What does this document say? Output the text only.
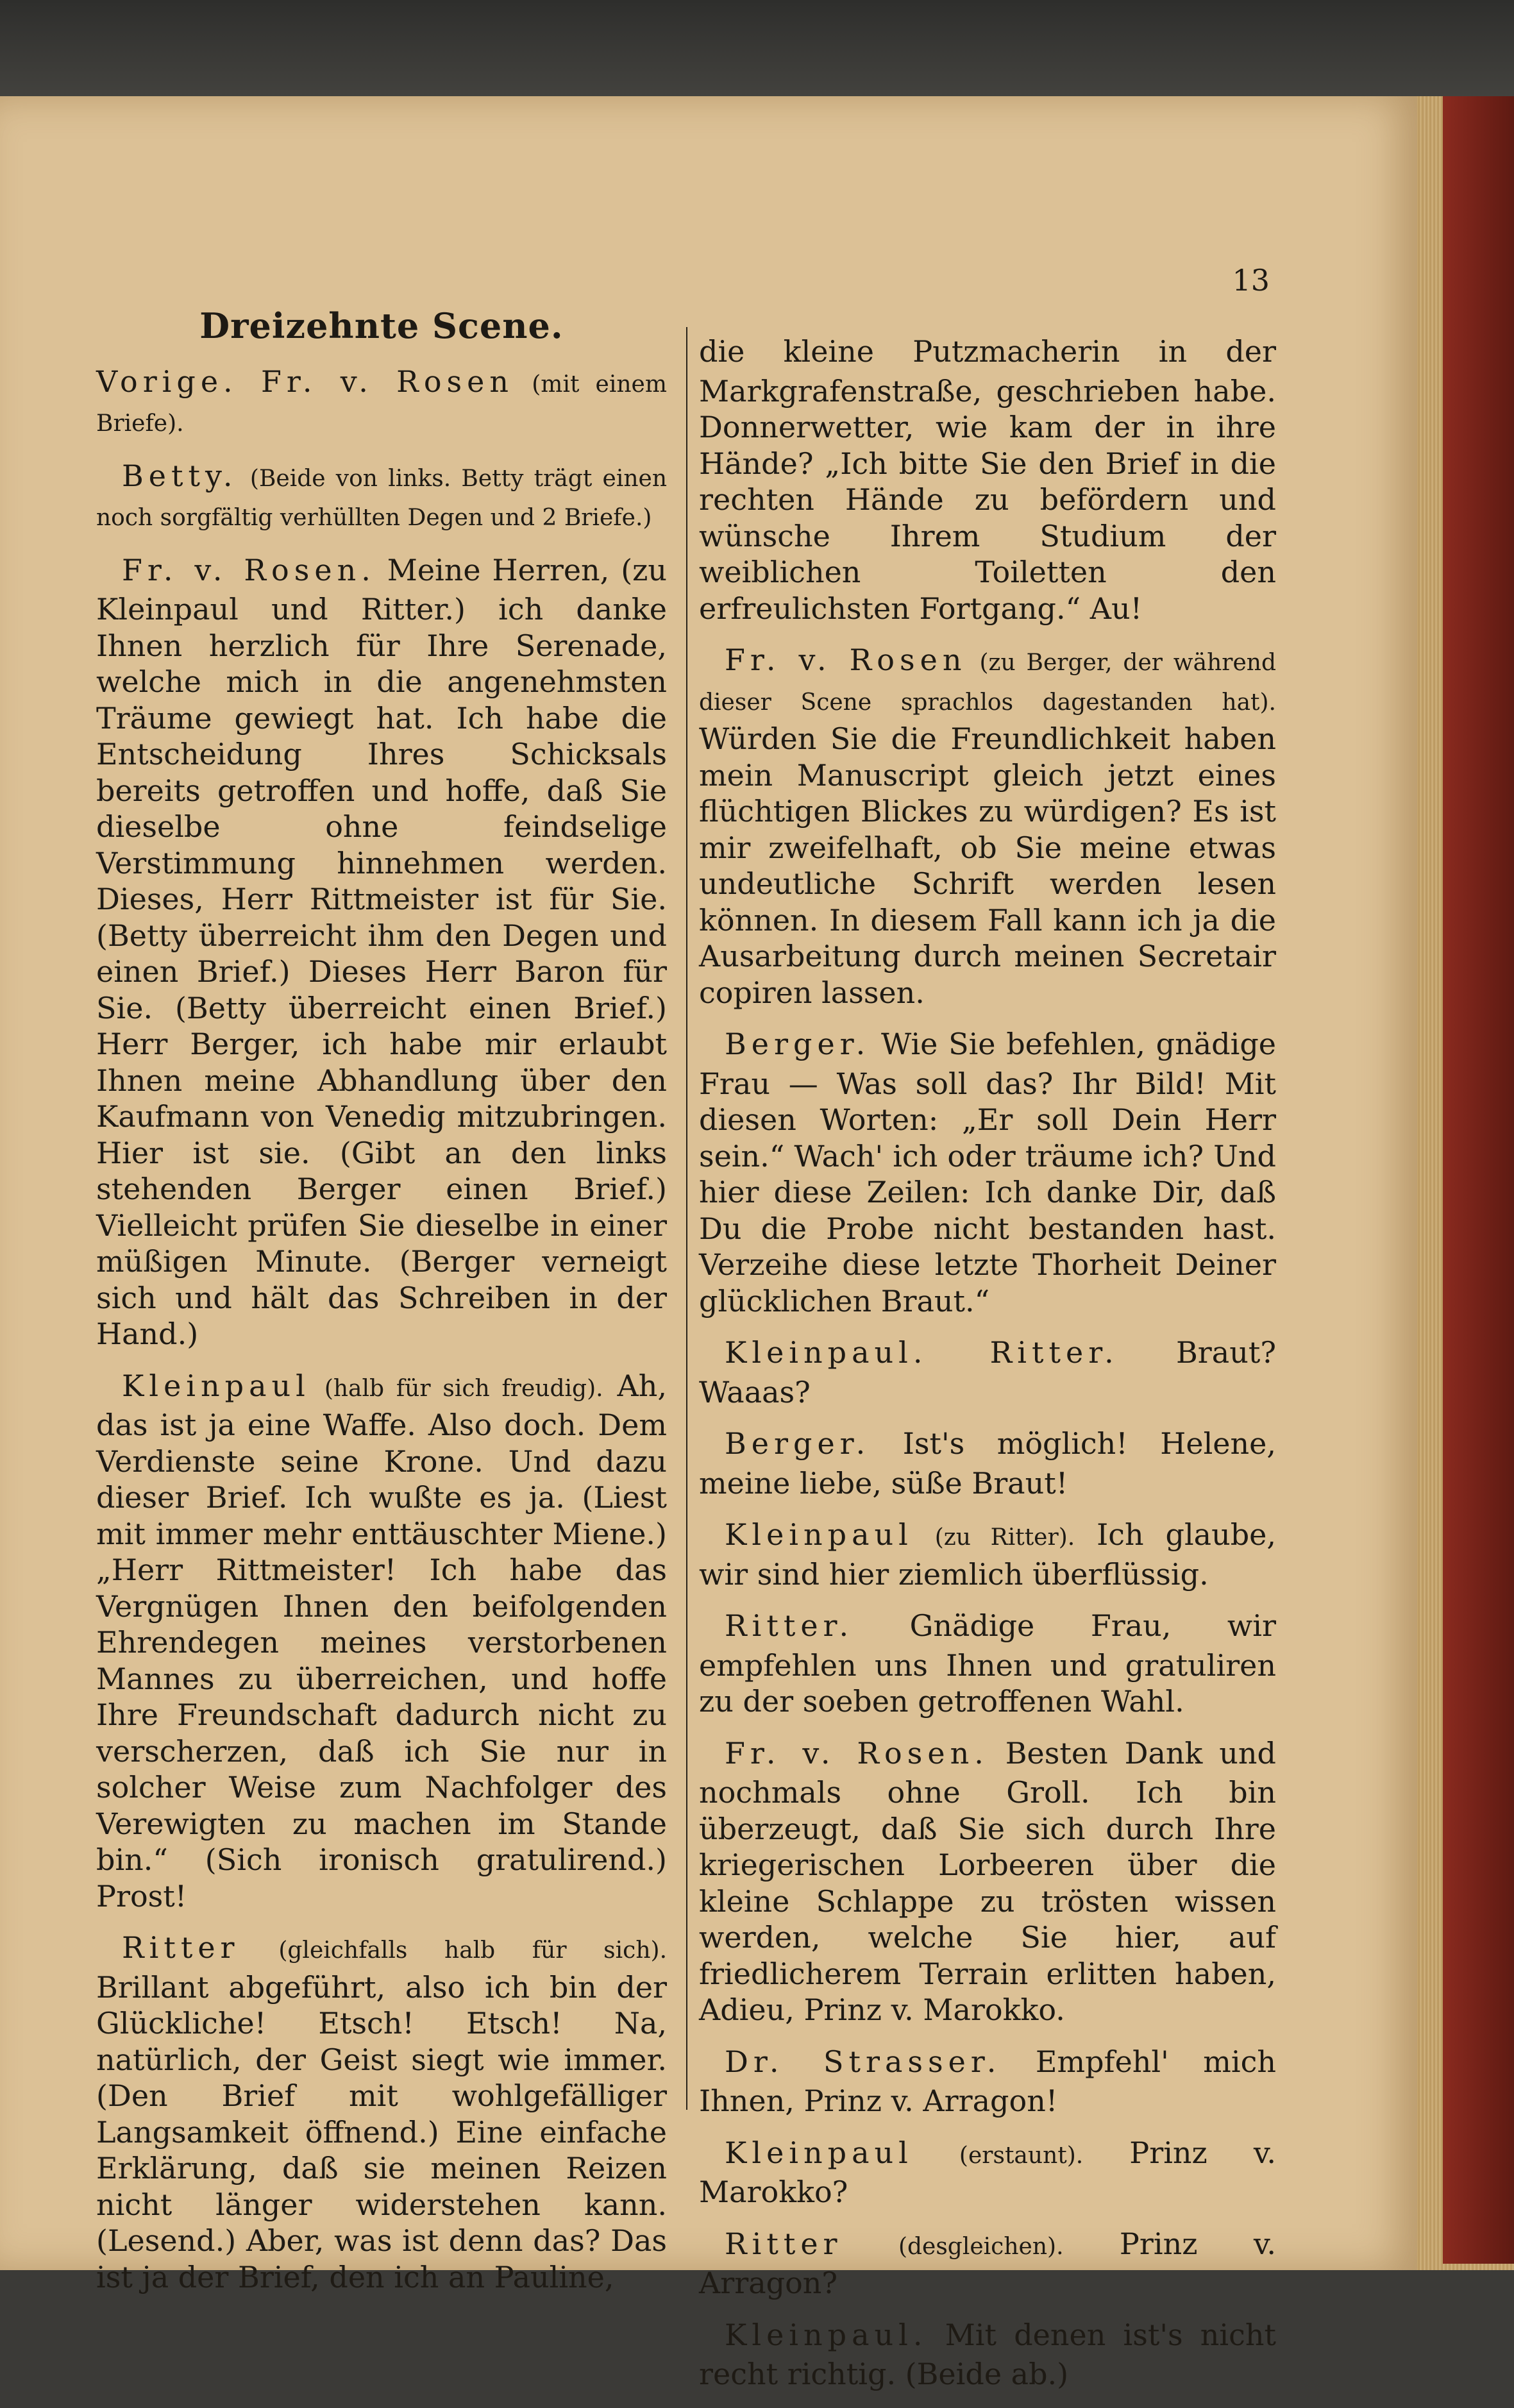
13
Dreizehnte Scene.
Vorige. Fr. v. Rosen (mit einem Briefe).
Betty. (Beide von links. Betty trägt einen noch sorgfältig verhüllten Degen und 2 Briefe.)
Fr. v. Rosen. Meine Herren, (zu Kleinpaul und Ritter.) ich danke Ihnen herzlich für Ihre Serenade, welche mich in die angenehmsten Träume gewiegt hat. Ich habe die Entscheidung Ihres Schicksals bereits getroffen und hoffe, daß Sie dieselbe ohne feindselige Verstimmung hinnehmen werden. Dieses, Herr Rittmeister ist für Sie. (Betty überreicht ihm den Degen und einen Brief.) Dieses Herr Baron für Sie. (Betty überreicht einen Brief.) Herr Berger, ich habe mir erlaubt Ihnen meine Abhandlung über den Kaufmann von Venedig mitzubringen. Hier ist sie. (Gibt an den links stehenden Berger einen Brief.) Vielleicht prüfen Sie dieselbe in einer müßigen Minute. (Berger verneigt sich und hält das Schreiben in der Hand.)
Kleinpaul (halb für sich freudig). Ah, das ist ja eine Waffe. Also doch. Dem Verdienste seine Krone. Und dazu dieser Brief. Ich wußte es ja. (Liest mit immer mehr enttäuschter Miene.) „Herr Rittmeister! Ich habe das Vergnügen Ihnen den beifolgenden Ehrendegen meines verstorbenen Mannes zu überreichen, und hoffe Ihre Freundschaft dadurch nicht zu verscherzen, daß ich Sie nur in solcher Weise zum Nachfolger des Verewigten zu machen im Stande bin.“ (Sich ironisch gratulirend.) Prost!
Ritter (gleichfalls halb für sich). Brillant abgeführt, also ich bin der Glückliche! Etsch! Etsch! Na, natürlich, der Geist siegt wie immer. (Den Brief mit wohlgefälliger Langsamkeit öffnend.) Eine einfache Erklärung, daß sie meinen Reizen nicht länger widerstehen kann. (Lesend.) Aber, was ist denn das? Das ist ja der Brief, den ich an Pauline,
die kleine Putzmacherin in der Markgrafenstraße, geschrieben habe. Donnerwetter, wie kam der in ihre Hände? „Ich bitte Sie den Brief in die rechten Hände zu befördern und wünsche Ihrem Studium der weiblichen Toiletten den erfreulichsten Fortgang.“ Au!
Fr. v. Rosen (zu Berger, der während dieser Scene sprachlos dagestanden hat). Würden Sie die Freundlichkeit haben mein Manuscript gleich jetzt eines flüchtigen Blickes zu würdigen? Es ist mir zweifelhaft, ob Sie meine etwas undeutliche Schrift werden lesen können. In diesem Fall kann ich ja die Ausarbeitung durch meinen Secretair copiren lassen.
Berger. Wie Sie befehlen, gnädige Frau — Was soll das? Ihr Bild! Mit diesen Worten: „Er soll Dein Herr sein.“ Wach' ich oder träume ich? Und hier diese Zeilen: Ich danke Dir, daß Du die Probe nicht bestanden hast. Verzeihe diese letzte Thorheit Deiner glücklichen Braut.“
Kleinpaul. Ritter. Braut? Waaas?
Berger. Ist's möglich! Helene, meine liebe, süße Braut!
Kleinpaul (zu Ritter). Ich glaube, wir sind hier ziemlich überflüssig.
Ritter. Gnädige Frau, wir empfehlen uns Ihnen und gratuliren zu der soeben getroffenen Wahl.
Fr. v. Rosen. Besten Dank und nochmals ohne Groll. Ich bin überzeugt, daß Sie sich durch Ihre kriegerischen Lorbeeren über die kleine Schlappe zu trösten wissen werden, welche Sie hier, auf friedlicherem Terrain erlitten haben, Adieu, Prinz v. Marokko.
Dr. Strasser. Empfehl' mich Ihnen, Prinz v. Arragon!
Kleinpaul (erstaunt). Prinz v. Marokko?
Ritter (desgleichen). Prinz v. Arragon?
Kleinpaul. Mit denen ist's nicht recht richtig. (Beide ab.)
